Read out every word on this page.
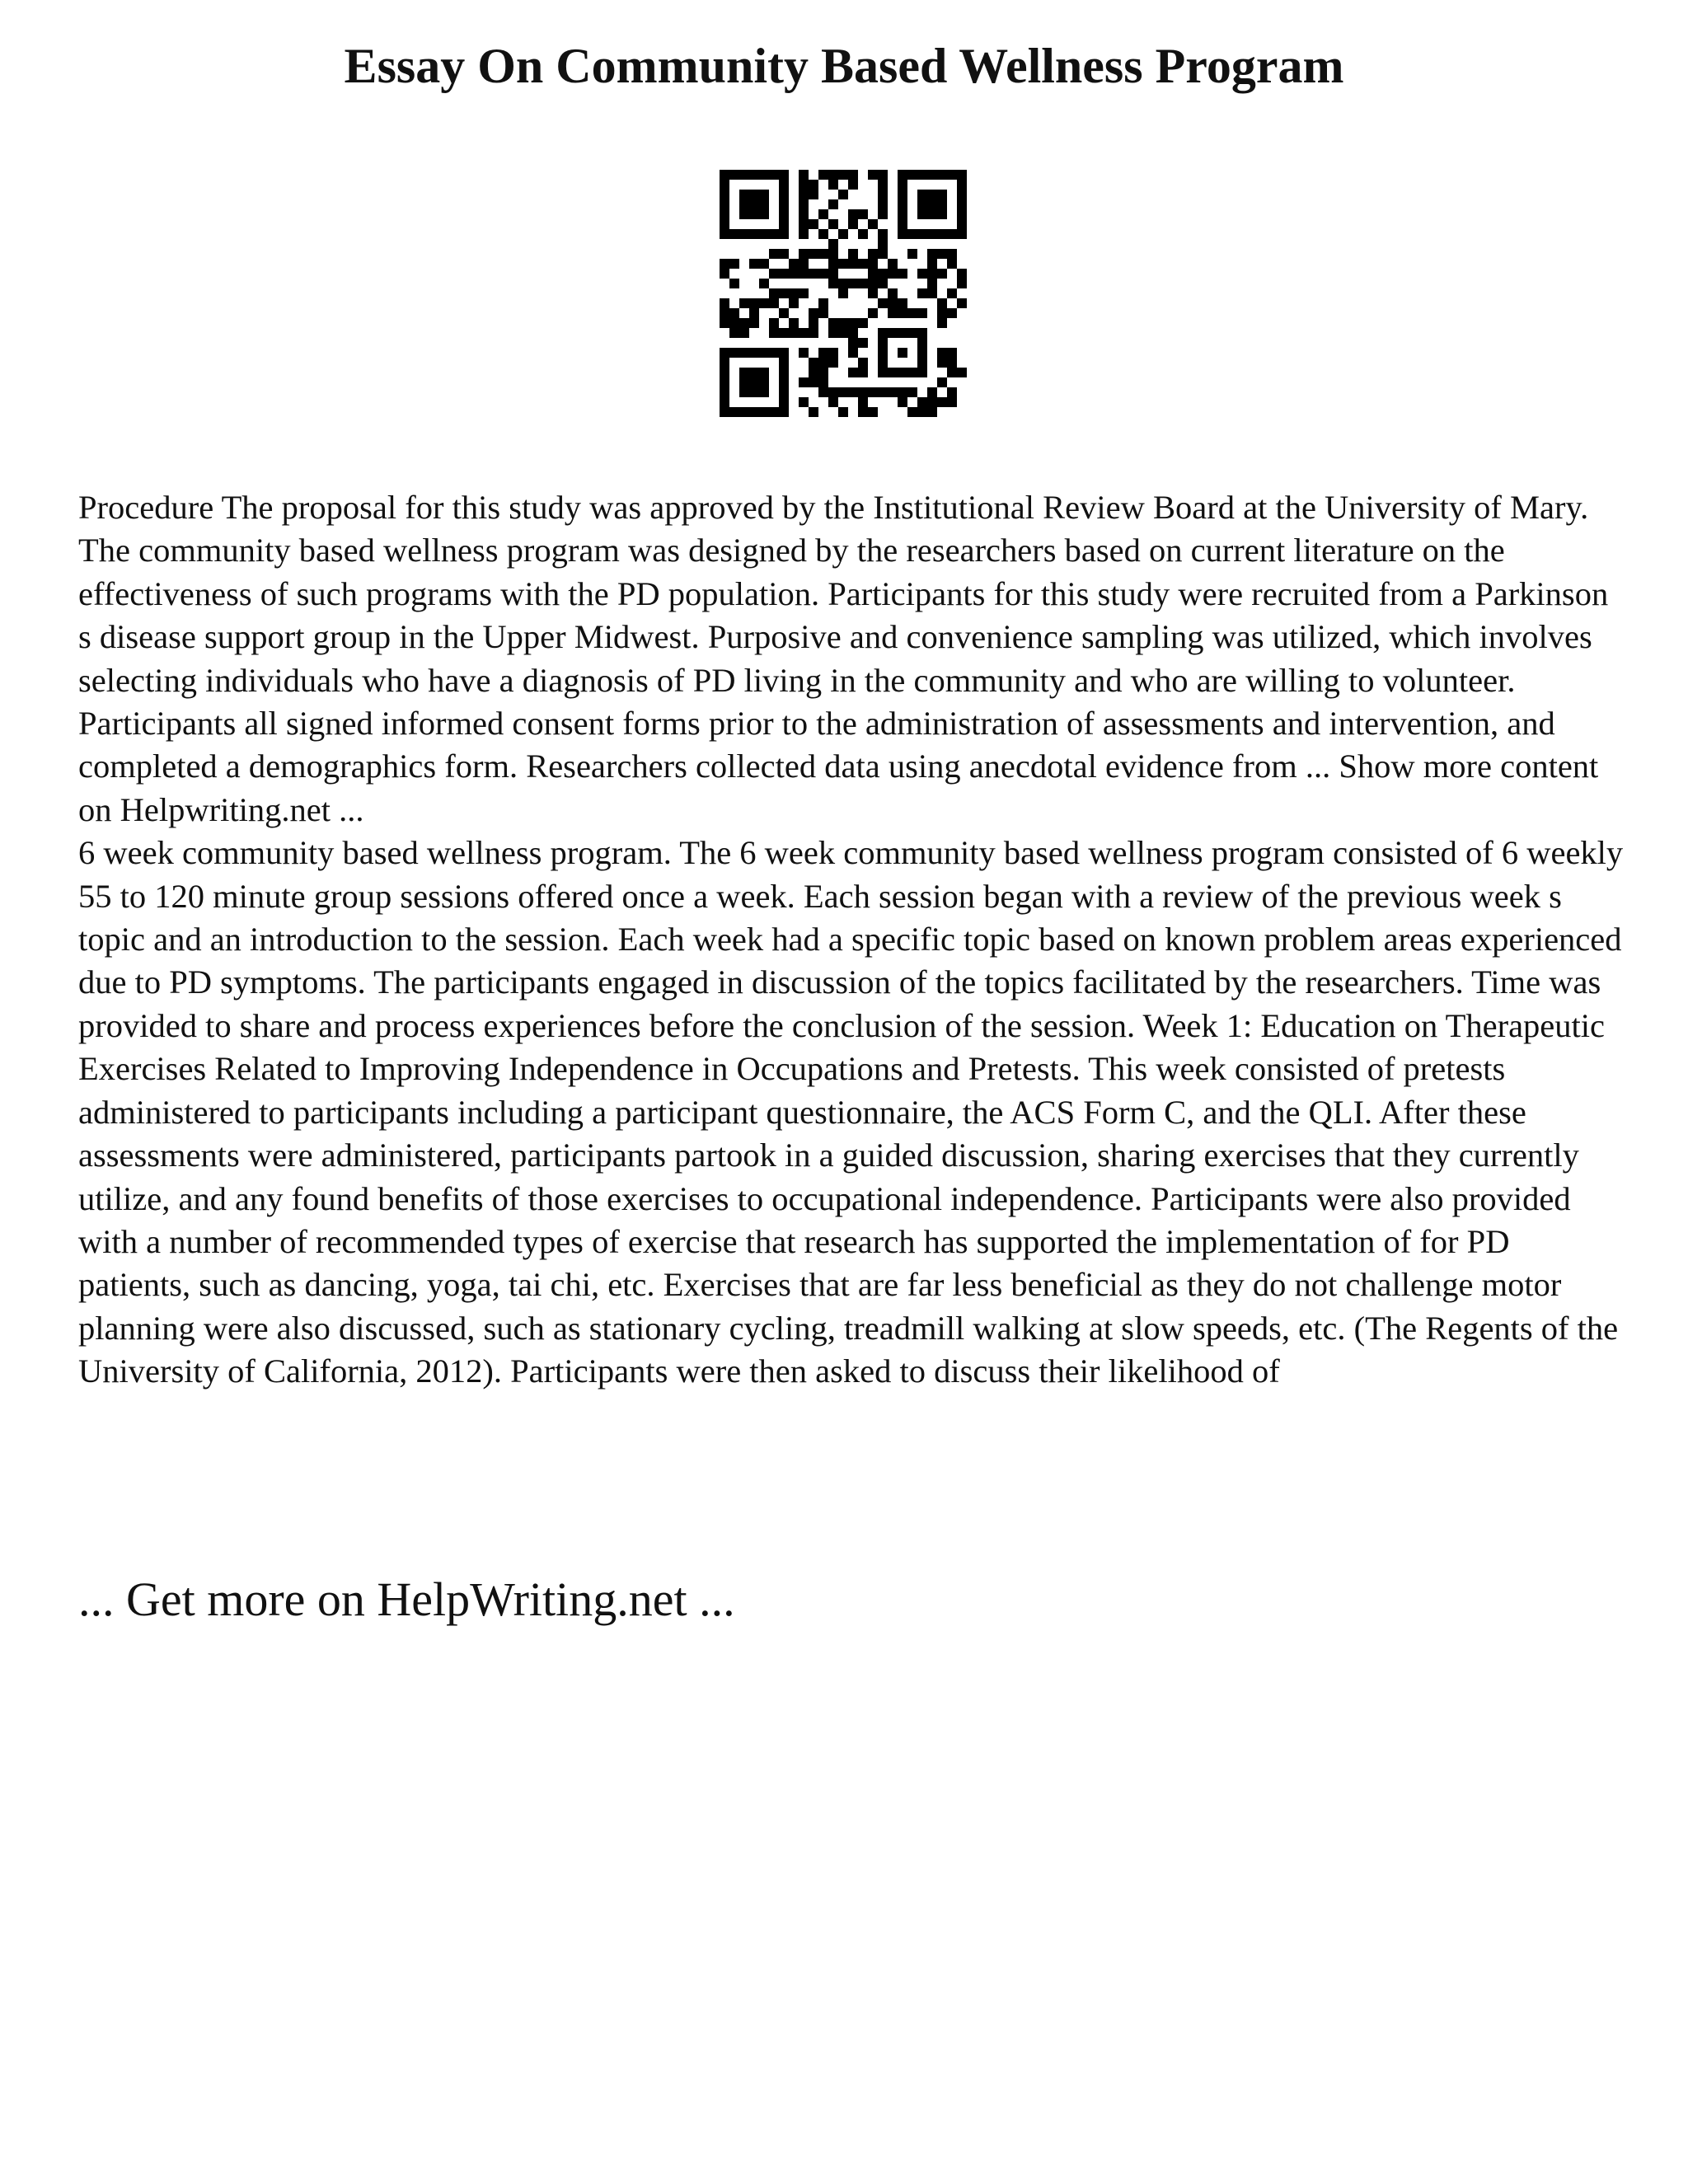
Essay On Community Based Wellness Program

Procedure The proposal for this study was approved by the Institutional Review Board at the University of Mary. The community based wellness program was designed by the researchers based on current literature on the effectiveness of such programs with the PD population. Participants for this study were recruited from a Parkinson s disease support group in the Upper Midwest. Purposive and convenience sampling was utilized, which involves selecting individuals who have a diagnosis of PD living in the community and who are willing to volunteer. Participants all signed informed consent forms prior to the administration of assessments and intervention, and completed a demographics form. Researchers collected data using anecdotal evidence from ... Show more content on Helpwriting.net ...

6 week community based wellness program. The 6 week community based wellness program consisted of 6 weekly 55 to 120 minute group sessions offered once a week. Each session began with a review of the previous week s topic and an introduction to the session. Each week had a specific topic based on known problem areas experienced due to PD symptoms. The participants engaged in discussion of the topics facilitated by the researchers. Time was provided to share and process experiences before the conclusion of the session. Week 1: Education on Therapeutic Exercises Related to Improving Independence in Occupations and Pretests. This week consisted of pretests administered to participants including a participant questionnaire, the ACS Form C, and the QLI. After these assessments were administered, participants partook in a guided discussion, sharing exercises that they currently utilize, and any found benefits of those exercises to occupational independence. Participants were also provided with a number of recommended types of exercise that research has supported the implementation of for PD patients, such as dancing, yoga, tai chi, etc. Exercises that are far less beneficial as they do not challenge motor planning were also discussed, such as stationary cycling, treadmill walking at slow speeds, etc. (The Regents of the University of California, 2012). Participants were then asked to discuss their likelihood of

... Get more on HelpWriting.net ...
